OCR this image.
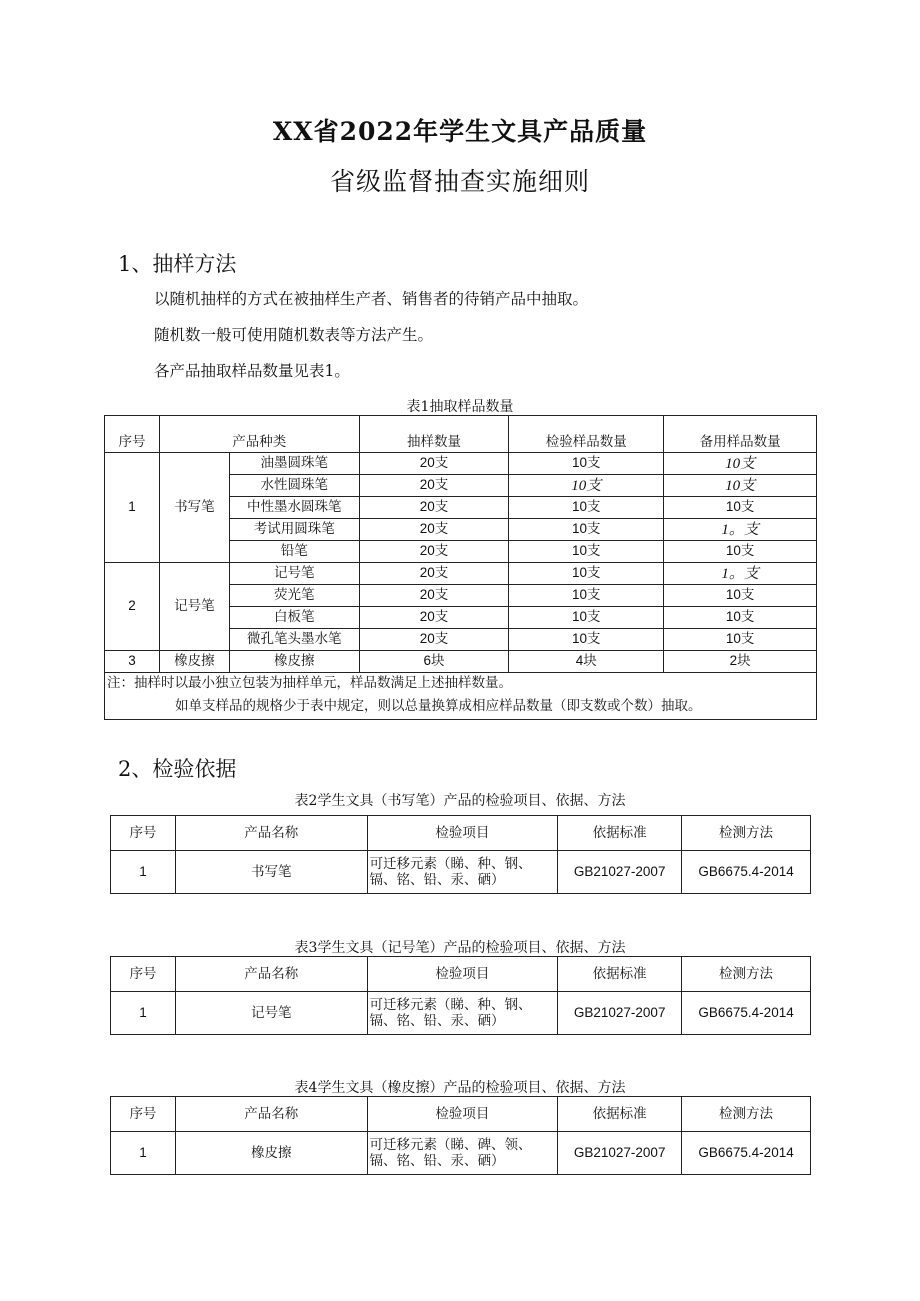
XX省2022年学生文具产品质量
省级监督抽查实施细则
1、抽样方法
以随机抽样的方式在被抽样生产者、销售者的待销产品中抽取。
随机数一般可使用随机数表等方法产生。
各产品抽取样品数量见表1。
表1抽取样品数量
序号	产品种类		抽样数量	检验样品数量	备用样品数量
1	书写笔	油墨圆珠笔	20支	10支	10支
		水性圆珠笔	20支	10支	10支
		中性墨水圆珠笔	20支	10支	10支
		考试用圆珠笔	20支	10支	1。支
		铅笔	20支	10支	10支
2	记号笔	记号笔	20支	10支	1。支
		荧光笔	20支	10支	10支
		白板笔	20支	10支	10支
		微孔笔头墨水笔	20支	10支	10支
3	橡皮擦	橡皮擦	6块	4块	2块
注：抽样时以最小独立包装为抽样单元，样品数满足上述抽样数量。					
如单支样品的规格少于表中规定，则以总量换算成相应样品数量（即支数或个数）抽取。					
2、检验依据
表2学生文具（书写笔）产品的检验项目、依据、方法
序号	产品名称	检验项目	依据标准	检测方法
1	书写笔	可迁移元素（睇、种、钢、
镉、铭、铅、汞、硒）	GB21027-2007	GB6675.4-2014
表3学生文具（记号笔）产品的检验项目、依据、方法
序号	产品名称	检验项目	依据标准	检测方法
1	记号笔	可迁移元素（睇、种、钢、
镉、铭、铅、汞、硒）	GB21027-2007	GB6675.4-2014
表4学生文具（橡皮擦）产品的检验项目、依据、方法
序号	产品名称	检验项目	依据标准	检测方法
1	橡皮擦	可迁移元素（睇、碑、领、
镉、铭、铅、汞、硒）	GB21027-2007	GB6675.4-2014
